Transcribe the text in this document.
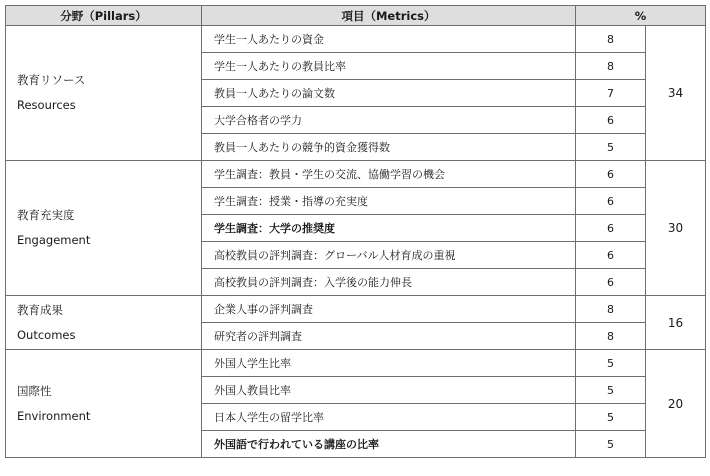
分野（Pillars）	項目（Metrics）	%	

教育リソース
Resources	学生一人あたりの資金	8	34
	学生一人あたりの教員比率	8	
	教員一人あたりの論文数	7	
	大学合格者の学力	6	
	教員一人あたりの競争的資金獲得数	5	

教育充実度
Engagement	学生調査：教員・学生の交流、協働学習の機会	6	30
	学生調査：授業・指導の充実度	6	
	学生調査：大学の推奨度	6	
	高校教員の評判調査：グローバル人材育成の重視	6	
	高校教員の評判調査：入学後の能力伸長	6	

教育成果
Outcomes	企業人事の評判調査	8	16
	研究者の評判調査	8	

国際性
Environment	外国人学生比率	5	20
	外国人教員比率	5	
	日本人学生の留学比率	5	
	外国語で行われている講座の比率	5	
